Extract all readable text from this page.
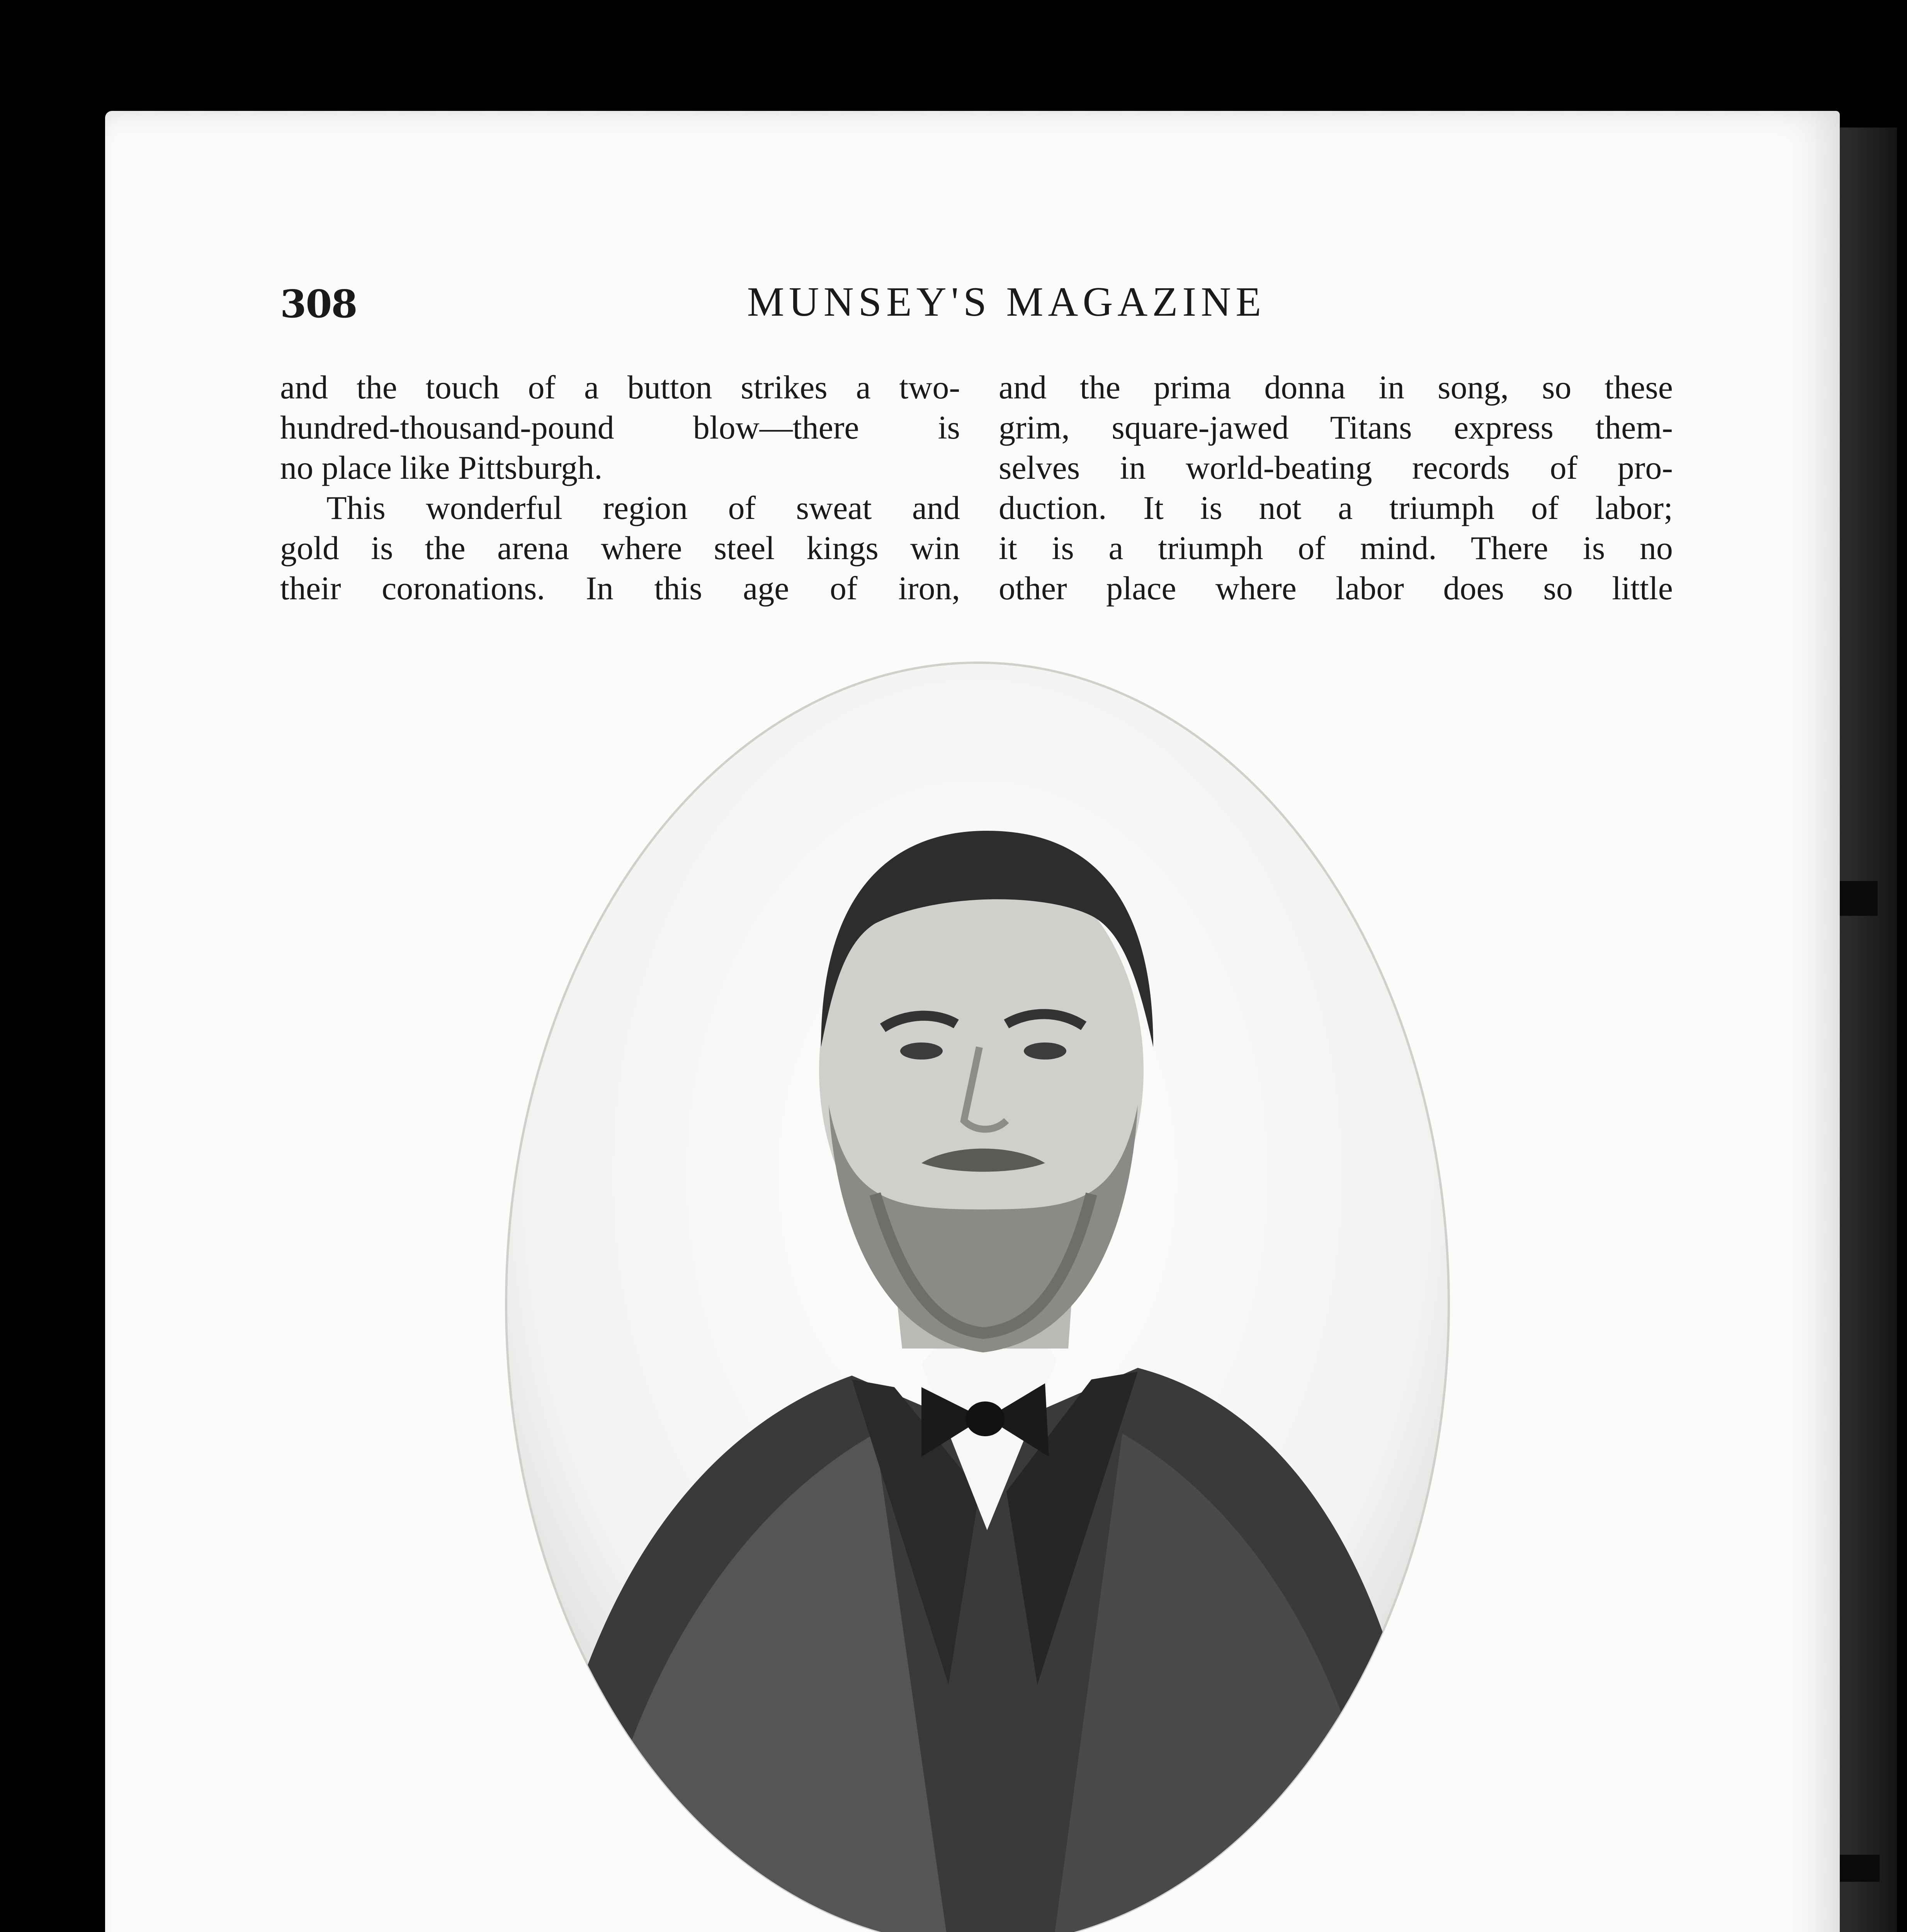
308	MUNSEY'S MAGAZINE
and the touch of a button strikes a two-
hundred-thousand-pound blow—there is
no place like Pittsburgh.
This wonderful region of sweat and
gold is the arena where steel kings win
their coronations. In this age of iron,
and the prima donna in song, so these
grim, square-jawed Titans express them-
selves in world-beating records of pro-
duction. It is not a triumph of labor;
it is a triumph of mind. There is no
other place where labor does so little
